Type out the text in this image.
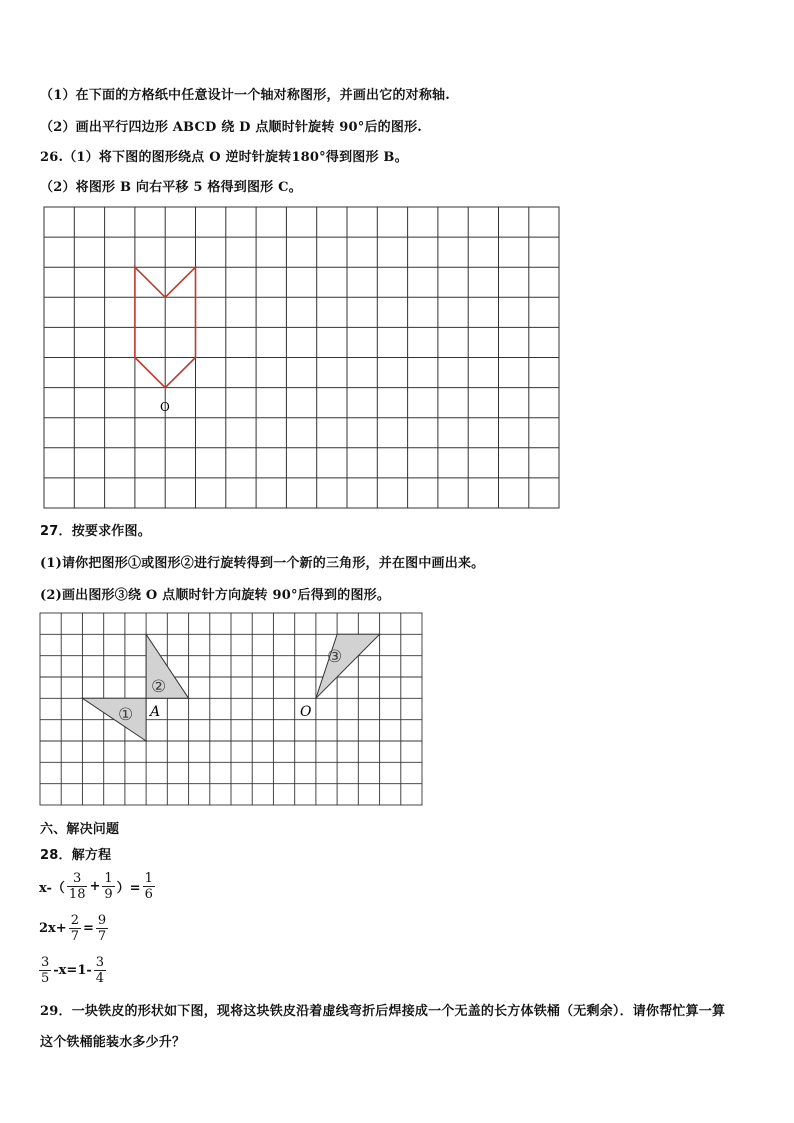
（1）在下面的方格纸中任意设计一个轴对称图形，并画出它的对称轴.
（2）画出平行四边形 ABCD 绕 D 点顺时针旋转 90°后的图形.
26.（1）将下图的图形绕点 O 逆时针旋转180°得到图形 B。
（2）将图形 B 向右平移 5 格得到图形 C。
O
27．按要求作图。
(1)请你把图形①或图形②进行旋转得到一个新的三角形，并在图中画出来。
(2)画出图形③绕 O 点顺时针方向旋转 90°后得到的图形。
①
②
③
A	O
六、解决问题
28．解方程
$x-( \frac{3}{18} + \frac{1}{9}$ ）= $\frac{1}{6}$
$2x+ \frac{2}{7} = \frac{9}{7}$
$\frac{3}{5} -x=1- \frac{3}{4}$
29．一块铁皮的形状如下图，现将这块铁皮沿着虚线弯折后焊接成一个无盖的长方体铁桶（无剩余）．请你帮忙算一算
这个铁桶能装水多少升？
